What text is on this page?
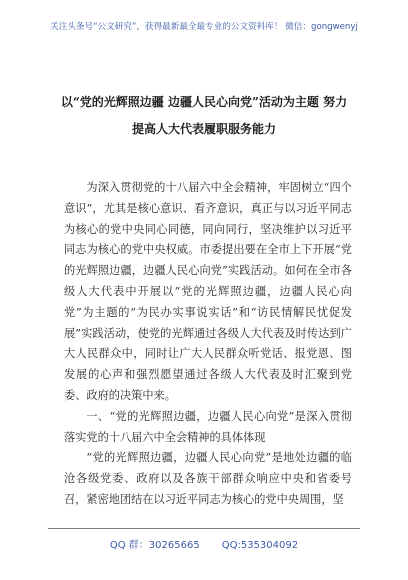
关注头条号“公文研究”，获得最新最全最专业的公文资料库！ 微信：gongwenyj
以“党的光辉照边疆 边疆人民心向党”活动为主题 努力
提高人大代表履职服务能力

为深入贯彻党的十八届六中全会精神，牢固树立“四个意识”，尤其是核心意识、看齐意识，真正与以习近平同志为核心的党中央同心同德，同向同行，坚决维护以习近平同志为核心的党中央权威。市委提出要在全市上下开展“党的光辉照边疆，边疆人民心向党”实践活动。如何在全市各级人大代表中开展以“党的光辉照边疆，边疆人民心向党”为主题的“为民办实事说实话”和“访民情解民忧促发展”实践活动，使党的光辉通过各级人大代表及时传达到广大人民群众中，同时让广大人民群众听党话、报党恩、图发展的心声和强烈愿望通过各级人大代表及时汇聚到党委、政府的决策中来。

一、“党的光辉照边疆，边疆人民心向党”是深入贯彻落实党的十八届六中全会精神的具体体现

“党的光辉照边疆，边疆人民心向党”是地处边疆的临沧各级党委、政府以及各族干部群众响应中央和省委号召，紧密地团结在以习近平同志为核心的党中央周围，坚

QQ 群：30265665 QQ:535304092
